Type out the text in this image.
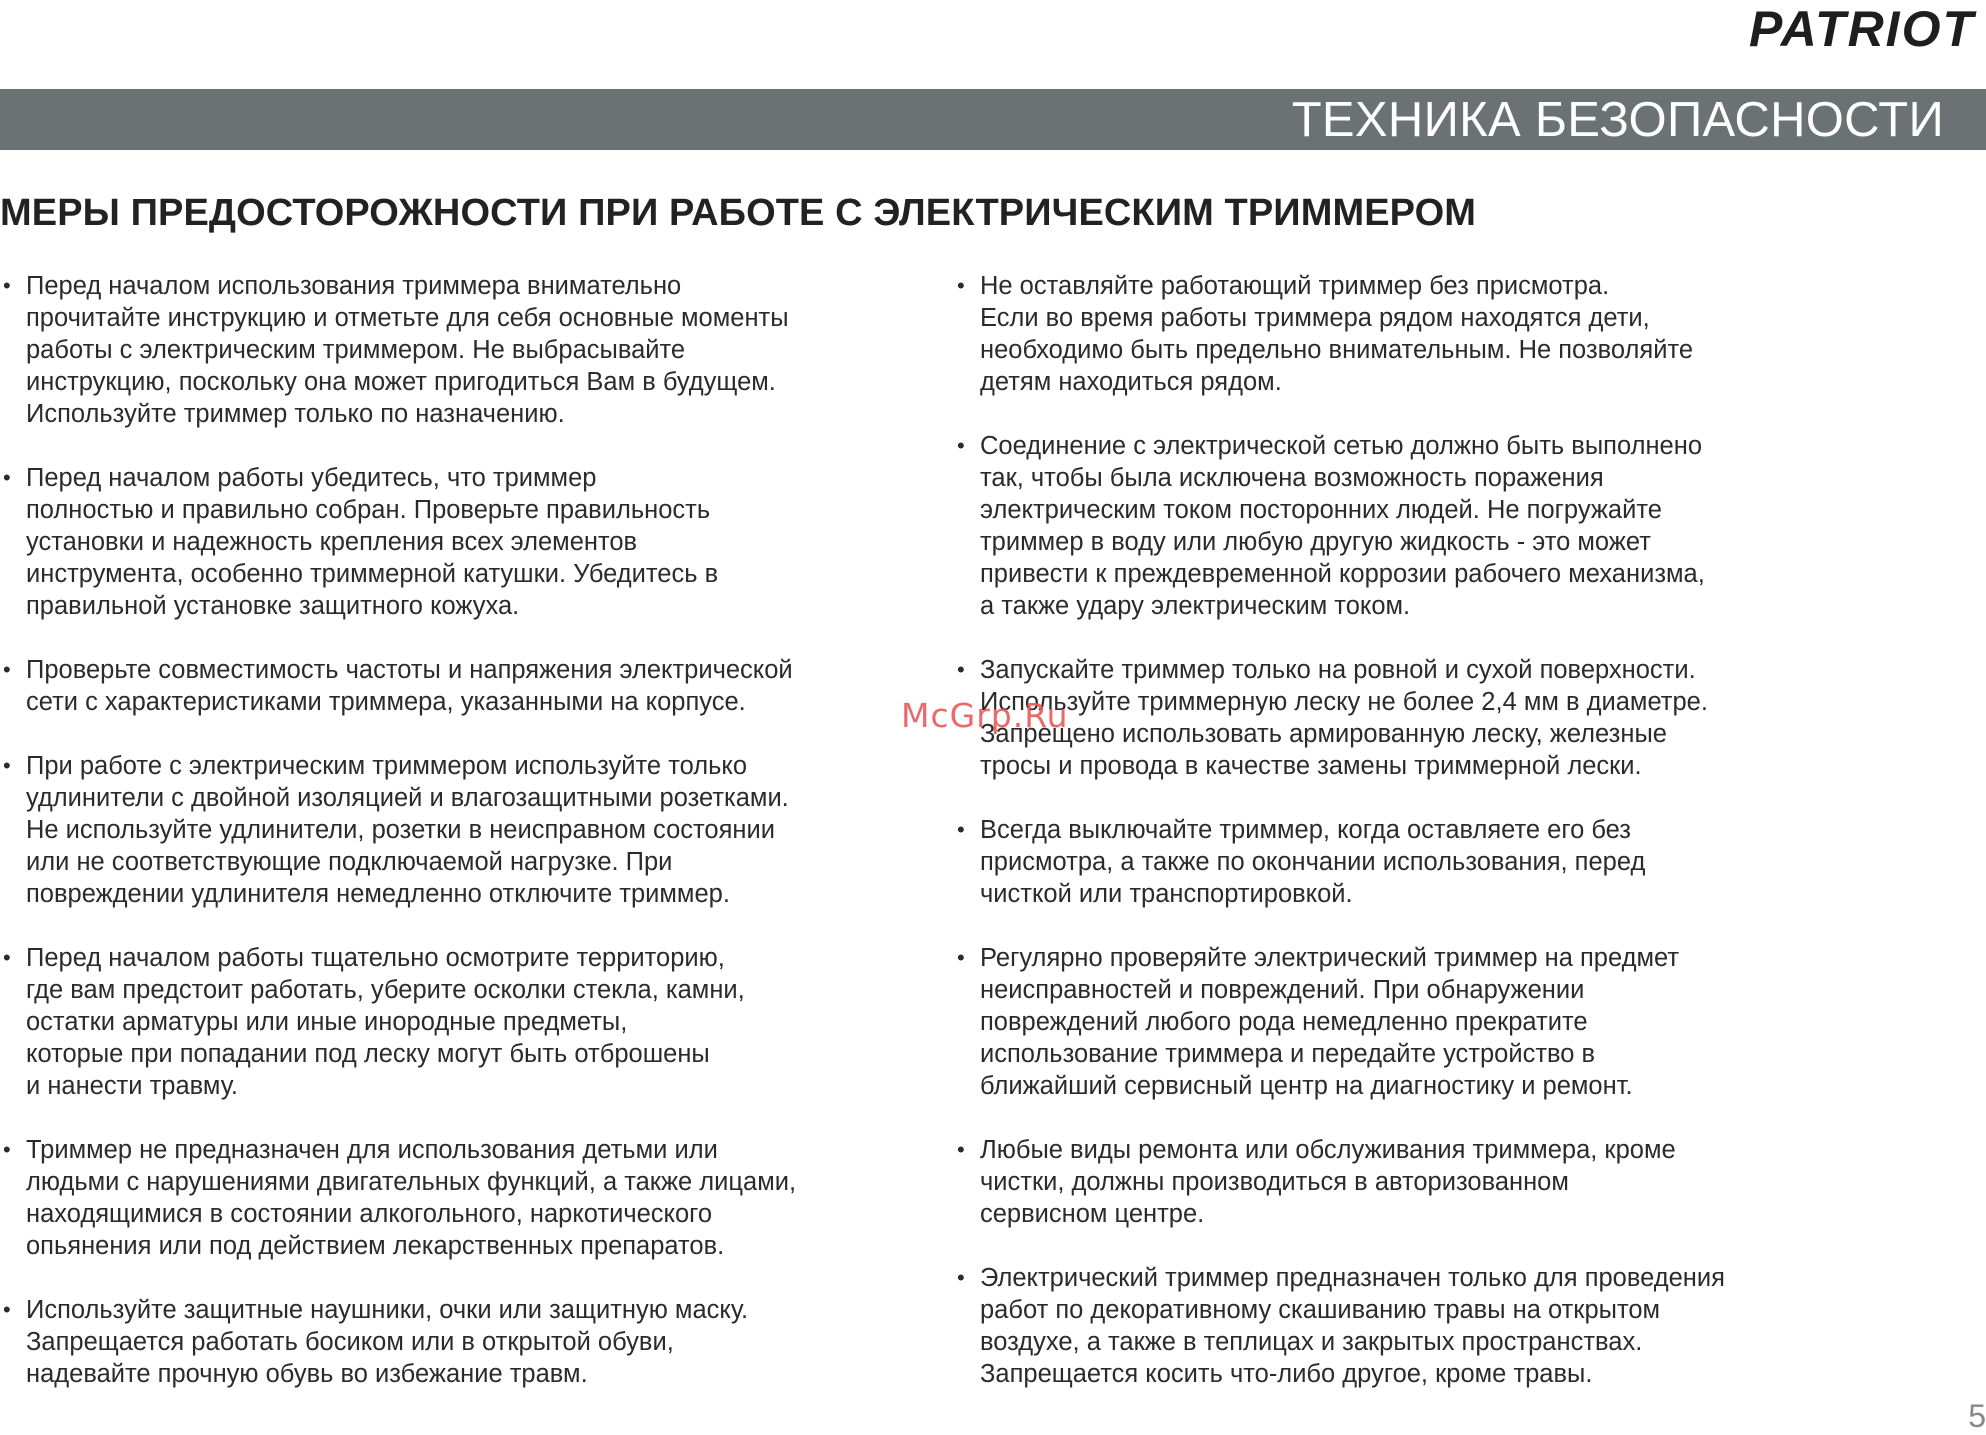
PATRIOT
ТЕХНИКА БЕЗОПАСНОСТИ
МЕРЫ ПРЕДОСТОРОЖНОСТИ ПРИ РАБОТЕ С ЭЛЕКТРИЧЕСКИМ ТРИММЕРОМ
• Перед началом использования триммера внимательно
прочитайте инструкцию и отметьте для себя основные моменты
работы с электрическим триммером. Не выбрасывайте
инструкцию, поскольку она может пригодиться Вам в будущем.
Используйте триммер только по назначению.
• Перед началом работы убедитесь, что триммер
полностью и правильно собран. Проверьте правильность
установки и надежность крепления всех элементов
инструмента, особенно триммерной катушки. Убедитесь в
правильной установке защитного кожуха.
• Проверьте совместимость частоты и напряжения электрической
сети с характеристиками триммера, указанными на корпусе.
• При работе с электрическим триммером используйте только
удлинители с двойной изоляцией и влагозащитными розетками.
Не используйте удлинители, розетки в неисправном состоянии
или не соответствующие подключаемой нагрузке. При
повреждении удлинителя немедленно отключите триммер.
• Перед началом работы тщательно осмотрите территорию,
где вам предстоит работать, уберите осколки стекла, камни,
остатки арматуры или иные инородные предметы,
которые при попадании под леску могут быть отброшены
и нанести травму.
• Триммер не предназначен для использования детьми или
людьми с нарушениями двигательных функций, а также лицами,
находящимися в состоянии алкогольного, наркотического
опьянения или под действием лекарственных препаратов.
• Используйте защитные наушники, очки или защитную маску.
Запрещается работать босиком или в открытой обуви,
надевайте прочную обувь во избежание травм.
• Не оставляйте работающий триммер без присмотра.
Если во время работы триммера рядом находятся дети,
необходимо быть предельно внимательным. Не позволяйте
детям находиться рядом.
• Соединение с электрической сетью должно быть выполнено
так, чтобы была исключена возможность поражения
электрическим током посторонних людей. Не погружайте
триммер в воду или любую другую жидкость - это может
привести к преждевременной коррозии рабочего механизма,
а также удару электрическим током.
• Запускайте триммер только на ровной и сухой поверхности.
Используйте триммерную леску не более 2,4 мм в диаметре.
Запрещено использовать армированную леску, железные
тросы и провода в качестве замены триммерной лески.
• Всегда выключайте триммер, когда оставляете его без
присмотра, а также по окончании использования, перед
чисткой или транспортировкой.
• Регулярно проверяйте электрический триммер на предмет
неисправностей и повреждений. При обнаружении
повреждений любого рода немедленно прекратите
использование триммера и передайте устройство в
ближайший сервисный центр на диагностику и ремонт.
• Любые виды ремонта или обслуживания триммера, кроме
чистки, должны производиться в авторизованном
сервисном центре.
• Электрический триммер предназначен только для проведения
работ по декоративному скашиванию травы на открытом
воздухе, а также в теплицах и закрытых пространствах.
Запрещается косить что-либо другое, кроме травы.
McGrp.Ru
5
